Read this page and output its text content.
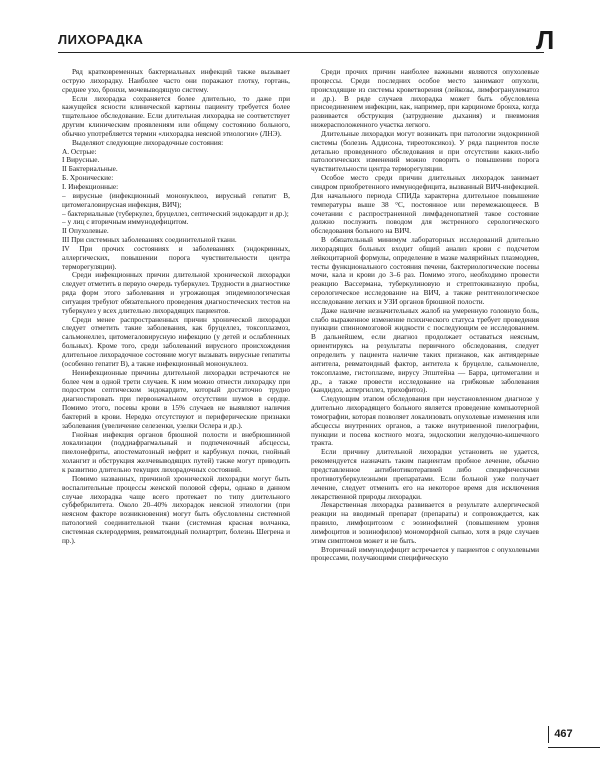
ЛИХОРАДКА	Л

Ряд кратковременных бактериальных инфекций также вызывает острую лихорадку. Наиболее часто они поражают глотку, гортань, среднее ухо, бронхи, мочевыводящую систему.

Если лихорадка сохраняется более длительно, то даже при кажущейся ясности клинической картины пациенту требуется более тщательное обследование. Если длительная лихорадка не соответствует другим клиническим проявлениям или общему состоянию больного, обычно употребляется термин «лихорадка неясной этиологии» (ЛНЭ).

Выделяют следующие лихорадочные состояния:

А. Острые:

I Вирусные.

II Бактериальные.

Б. Хронические:

I. Инфекционные:

– вирусные (инфекционный мононуклеоз, вирусный гепатит В, цитомегаловирусная инфекция, ВИЧ);

– бактериальные (туберкулез, бруцеллез, септический эндокардит и др.);

– у лиц с вторичным иммунодефицитом.

II Опухолевые.

III При системных заболеваниях соединительной ткани.

IV При прочих состояниях и заболеваниях (эндокринных, аллергических, повышении порога чувствительности центра терморегуляции).

Среди инфекционных причин длительной хронической лихорадки следует отметить в первую очередь туберкулез. Трудности в диагностике ряда форм этого заболевания и угрожающая эпидемиологическая ситуация требуют обязательного проведения диагностических тестов на туберкулез у всех длительно лихорадящих пациентов.

Среди менее распространенных причин хронической лихорадки следует отметить такие заболевания, как бруцеллез, токсоплазмоз, сальмонеллез, цитомегаловирусную инфекцию (у детей и ослабленных больных). Кроме того, среди заболеваний вирусного происхождения длительное лихорадочное состояние могут вызывать вирусные гепатиты (особенно гепатит В), а также инфекционный мононуклеоз.

Неинфекционные причины длительной лихорадки встречаются не более чем в одной трети случаев. К ним можно отнести лихорадку при подостром септическом эндокардите, который достаточно трудно диагностировать при первоначальном отсутствии шумов в сердце. Помимо этого, посевы крови в 15% случаев не выявляют наличия бактерий в крови. Нередко отсутствуют и периферические признаки заболевания (увеличение селезенки, узелки Ослера и др.).

Гнойная инфекция органов брюшной полости и внебрюшинной локализации (поддиафрагмальный и подпеченочный абсцессы, пиелонефриты, апостематозный нефрит и карбункул почки, гнойный холангит и обструкция желчевыводящих путей) также могут приводить к развитию длительно текущих лихорадочных состояний.

Помимо названных, причиной хронической лихорадки могут быть воспалительные процессы женской половой сферы, однако в данном случае лихорадка чаще всего протекает по типу длительного субфебрилитета. Около 20–40% лихорадок неясной этиологии (при неясном факторе возникновения) могут быть обусловлены системной патологией соединительной ткани (системная красная волчанка, системная склеродермия, ревматоидный полиартрит, болезнь Шегрена и пр.).

Среди прочих причин наиболее важными являются опухолевые процессы. Среди последних особое место занимают опухоли, происходящие из системы кроветворения (лейкозы, лимфогранулематоз и др.). В ряде случаев лихорадка может быть обусловлена присоединением инфекции, как, например, при карциноме бронха, когда развивается обструкция (затруднение дыхания) и пневмония нижерасположенного участка легкого.

Длительные лихорадки могут возникать при патологии эндокринной системы (болезнь Аддисона, тиреотоксикоз). У ряда пациентов после детально проведенного обследования и при отсутствии каких-либо патологических изменений можно говорить о повышении порога чувствительности центра терморегуляции.

Особое место среди причин длительных лихорадок занимает синдром приобретенного иммунодефицита, вызванный ВИЧ-инфекцией. Для начального периода СПИДа характерна длительное повышение температуры выше 38 °С, постоянное или перемежающееся. В сочетании с распространенной лимфаденопатией такое состояние должно послужить поводом для экстренного серологического обследования больного на ВИЧ.

В обязательный минимум лабораторных исследований длительно лихорадящих больных входит общий анализ крови с подсчетом лейкоцитарной формулы, определение в мазке малярийных плазмодиев, тесты функционального состояния печени, бактериологические посевы мочи, кала и крови до 3–6 раз. Помимо этого, необходимо провести реакцию Вассермана, туберкулиновую и стрептокиназную пробы, серологическое исследование на ВИЧ, а также рентгенологическое исследование легких и УЗИ органов брюшной полости.

Даже наличие незначительных жалоб на умеренную головную боль, слабо выраженное изменение психического статуса требует проведения пункции спинномозговой жидкости с последующим ее исследованием. В дальнейшем, если диагноз продолжает оставаться неясным, ориентируясь на результаты первичного обследования, следует определить у пациента наличие таких признаков, как антиядерные антитела, ревматоидный фактор, антитела к бруцелле, сальмонелле, токсоплазме, гистоплазме, вирусу Эпштейна — Барра, цитомегалии и др., а также провести исследование на грибковые заболевания (кандидоз, аспергиллез, трихофитоз).

Следующим этапом обследования при неустановленном диагнозе у длительно лихорадящего больного является проведение компьютерной томографии, которая позволяет локализовать опухолевые изменения или абсцессы внутренних органов, а также внутривенной пиелографии, пункции и посева костного мозга, эндоскопии желудочно-кишечного тракта.

Если причину длительной лихорадки установить не удается, рекомендуется назначать таким пациентам пробное лечение, обычно представленное антибиотикотерапией либо специфическими противотуберкулезными препаратами. Если больной уже получает лечение, следует отменить его на некоторое время для исключения лекарственной природы лихорадки.

Лекарственная лихорадка развивается в результате аллергической реакции на вводимый препарат (препараты) и сопровождается, как правило, лимфоцитозом с эозинофилией (повышением уровня лимфоцитов и эозинофилов) мономорфной сыпью, хотя в ряде случаев этим симптомов может и не быть.

Вторичный иммунодефицит встречается у пациентов с опухолевыми процессами, получающими специфическую

467
